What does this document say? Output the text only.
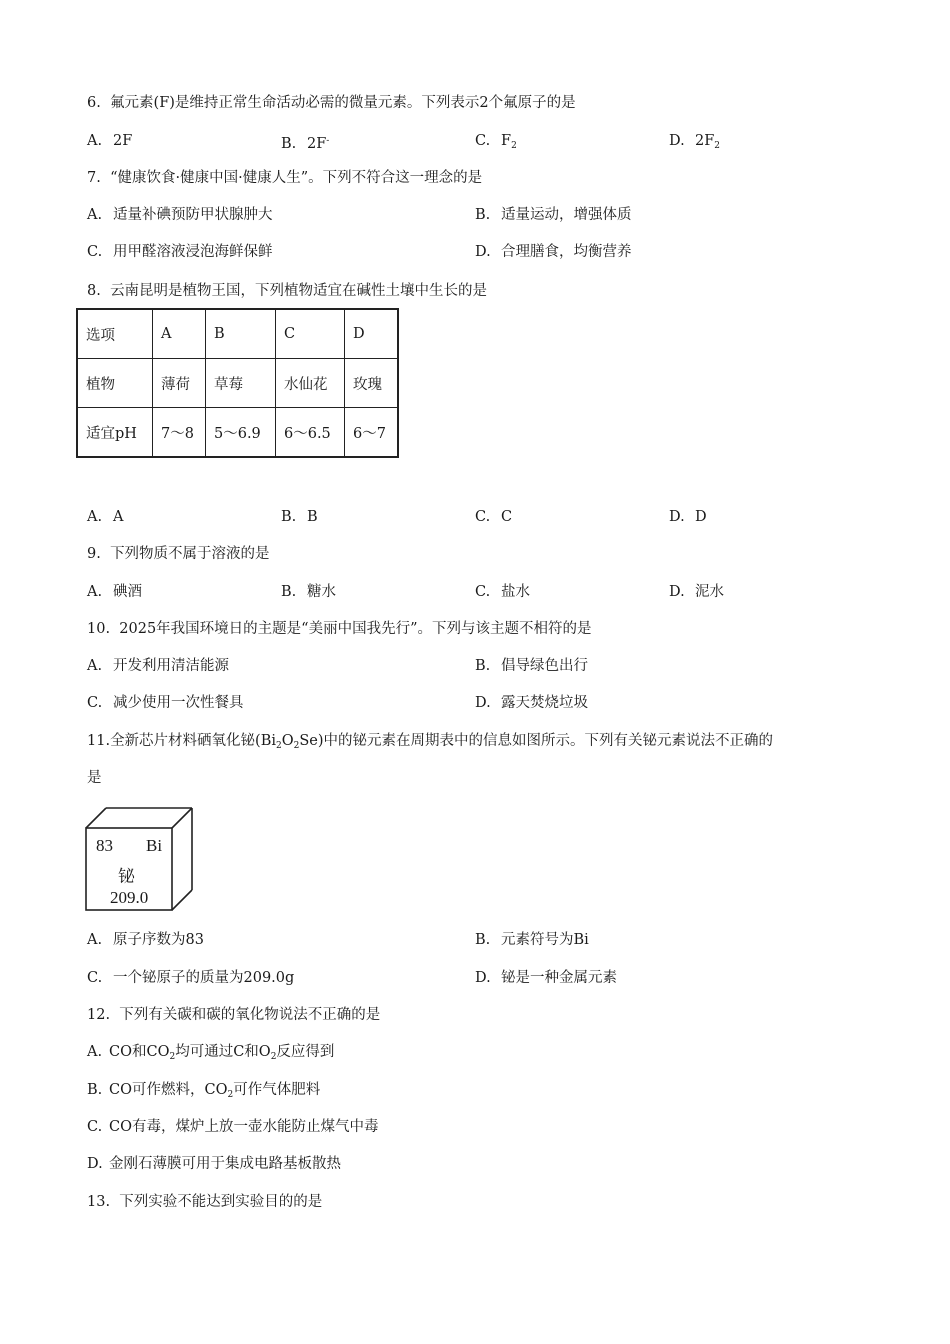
6. 氟元素(F)是维持正常生命活动必需的微量元素。下列表示2个氟原子的是
A. 2F	B. 2F-	C. $F_2$	D. $2F_2$
7. “健康饮食·健康中国·健康人生”。下列不符合这一理念的是
A. 适量补碘预防甲状腺肿大	B. 适量运动，增强体质
C. 用甲醛溶液浸泡海鲜保鲜	D. 合理膳食，均衡营养
8. 云南昆明是植物王国，下列植物适宜在碱性土壤中生长的是
选项	A	B	C	D
植物	薄荷	草莓	水仙花	玫瑰
适宜pH	7～8	5～6.9	6～6.5	6～7
A. A	B. B	C. C	D. D
9. 下列物质不属于溶液的是
A. 碘酒	B. 糖水	C. 盐水	D. 泥水
10. 2025年我国环境日的主题是“美丽中国我先行”。下列与该主题不相符的是
A. 开发利用清洁能源	B. 倡导绿色出行
C. 减少使用一次性餐具	D. 露天焚烧垃圾
11.全新芯片材料硒氧化铋$(Bi_2O_2Se)$中的铋元素在周期表中的信息如图所示。下列有关铋元素说法不正确的
是
83 Bi
铋
209.0
A. 原子序数为83	B. 元素符号为Bi
C. 一个铋原子的质量为209.0g	D. 铋是一种金属元素
12. 下列有关碳和碳的氧化物说法不正确的是
A. CO和$CO_2$均可通过C和$O_2$反应得到
B. CO可作燃料，$CO_2$可作气体肥料
C. CO有毒，煤炉上放一壶水能防止煤气中毒
D. 金刚石薄膜可用于集成电路基板散热
13. 下列实验不能达到实验目的的是
